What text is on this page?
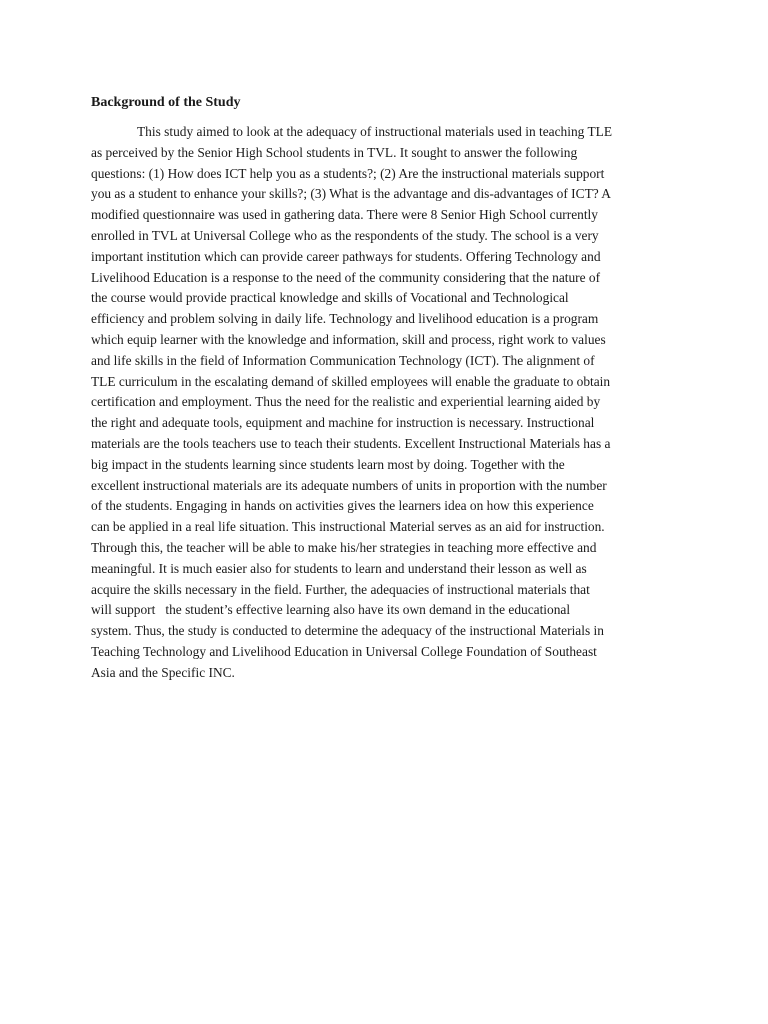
Background of the Study

This study aimed to look at the adequacy of instructional materials used in teaching TLE
as perceived by the Senior High School students in TVL. It sought to answer the following
questions: (1) How does ICT help you as a students?; (2) Are the instructional materials support
you as a student to enhance your skills?; (3) What is the advantage and dis-advantages of ICT? A
modified questionnaire was used in gathering data. There were 8 Senior High School currently
enrolled in TVL at Universal College who as the respondents of the study. The school is a very
important institution which can provide career pathways for students. Offering Technology and
Livelihood Education is a response to the need of the community considering that the nature of
the course would provide practical knowledge and skills of Vocational and Technological
efficiency and problem solving in daily life. Technology and livelihood education is a program
which equip learner with the knowledge and information, skill and process, right work to values
and life skills in the field of Information Communication Technology (ICT). The alignment of
TLE curriculum in the escalating demand of skilled employees will enable the graduate to obtain
certification and employment. Thus the need for the realistic and experiential learning aided by
the right and adequate tools, equipment and machine for instruction is necessary. Instructional
materials are the tools teachers use to teach their students. Excellent Instructional Materials has a
big impact in the students learning since students learn most by doing. Together with the
excellent instructional materials are its adequate numbers of units in proportion with the number
of the students. Engaging in hands on activities gives the learners idea on how this experience
can be applied in a real life situation. This instructional Material serves as an aid for instruction.
Through this, the teacher will be able to make his/her strategies in teaching more effective and
meaningful. It is much easier also for students to learn and understand their lesson as well as
acquire the skills necessary in the field. Further, the adequacies of instructional materials that
will support   the student’s effective learning also have its own demand in the educational
system. Thus, the study is conducted to determine the adequacy of the instructional Materials in
Teaching Technology and Livelihood Education in Universal College Foundation of Southeast
Asia and the Specific INC.
